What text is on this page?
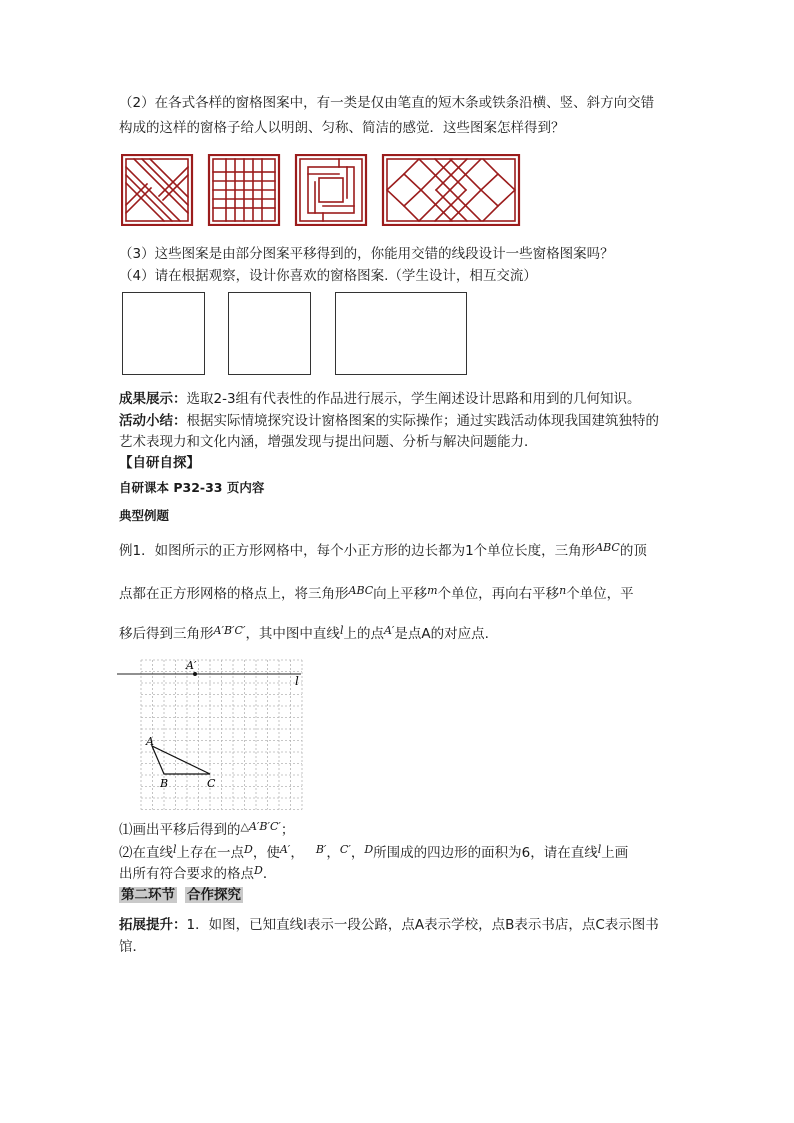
（2）在各式各样的窗格图案中，有一类是仅由笔直的短木条或铁条沿横、竖、斜方向交错
构成的这样的窗格子给人以明朗、匀称、简洁的感觉．这些图案怎样得到？
（3）这些图案是由部分图案平移得到的，你能用交错的线段设计一些窗格图案吗？
（4）请在根据观察，设计你喜欢的窗格图案.（学生设计，相互交流）
成果展示：选取2-3组有代表性的作品进行展示，学生阐述设计思路和用到的几何知识。
活动小结：根据实际情境探究设计窗格图案的实际操作；通过实践活动体现我国建筑独特的
艺术表现力和文化内涵，增强发现与提出问题、分析与解决问题能力．
【自研自探】
自研课本 P32-33 页内容
典型例题
例1．如图所示的正方形网格中，每个小正方形的边长都为1个单位长度，三角形$^{ABC}$的顶
点都在正方形网格的格点上，将三角形$^{ABC}$向上平移$^m$个单位，再向右平移$^n$个单位，平
移后得到三角形$^{A'B'C'}$，其中图中直线$^l$上的点$^{A'}$是点A的对应点.
A′
l
A
B	C
⑴画出平移后得到的$^{\triangle A'B'C'}$；
⑵在直线$^l$上存在一点$^D$，使$^{A'}$， $^{B'}$，$^{C'}$，$^D$所围成的四边形的面积为6，请在直线$^l$上画
出所有符合要求的格点$^D$．
第二环节 合作探究
拓展提升：1．如图，已知直线l表示一段公路，点A表示学校，点B表示书店，点C表示图书
馆．
